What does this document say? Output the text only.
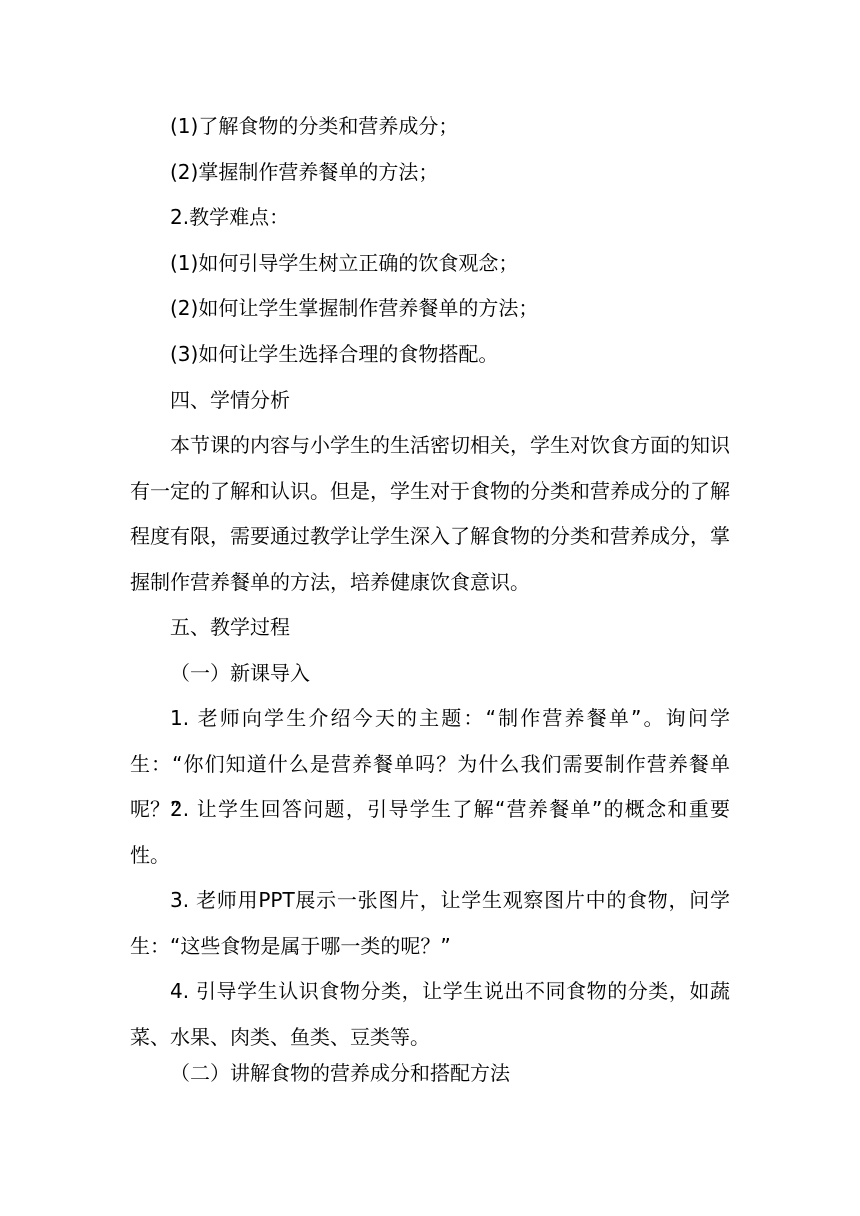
(1)了解食物的分类和营养成分；

(2)掌握制作营养餐单的方法；

2.教学难点：

(1)如何引导学生树立正确的饮食观念；

(2)如何让学生掌握制作营养餐单的方法；

(3)如何让学生选择合理的食物搭配。

四、学情分析

本节课的内容与小学生的生活密切相关，学生对饮食方面的知识有一定的了解和认识。但是，学生对于食物的分类和营养成分的了解程度有限，需要通过教学让学生深入了解食物的分类和营养成分，掌握制作营养餐单的方法，培养健康饮食意识。

五、教学过程

（一）新课导入

1. 老师向学生介绍今天的主题：“制作营养餐单”。询问学生：“你们知道什么是营养餐单吗？为什么我们需要制作营养餐单呢？”

2. 让学生回答问题，引导学生了解“营养餐单”的概念和重要性。

3. 老师用PPT展示一张图片，让学生观察图片中的食物，问学生：“这些食物是属于哪一类的呢？”

4. 引导学生认识食物分类，让学生说出不同食物的分类，如蔬菜、水果、肉类、鱼类、豆类等。

（二）讲解食物的营养成分和搭配方法
